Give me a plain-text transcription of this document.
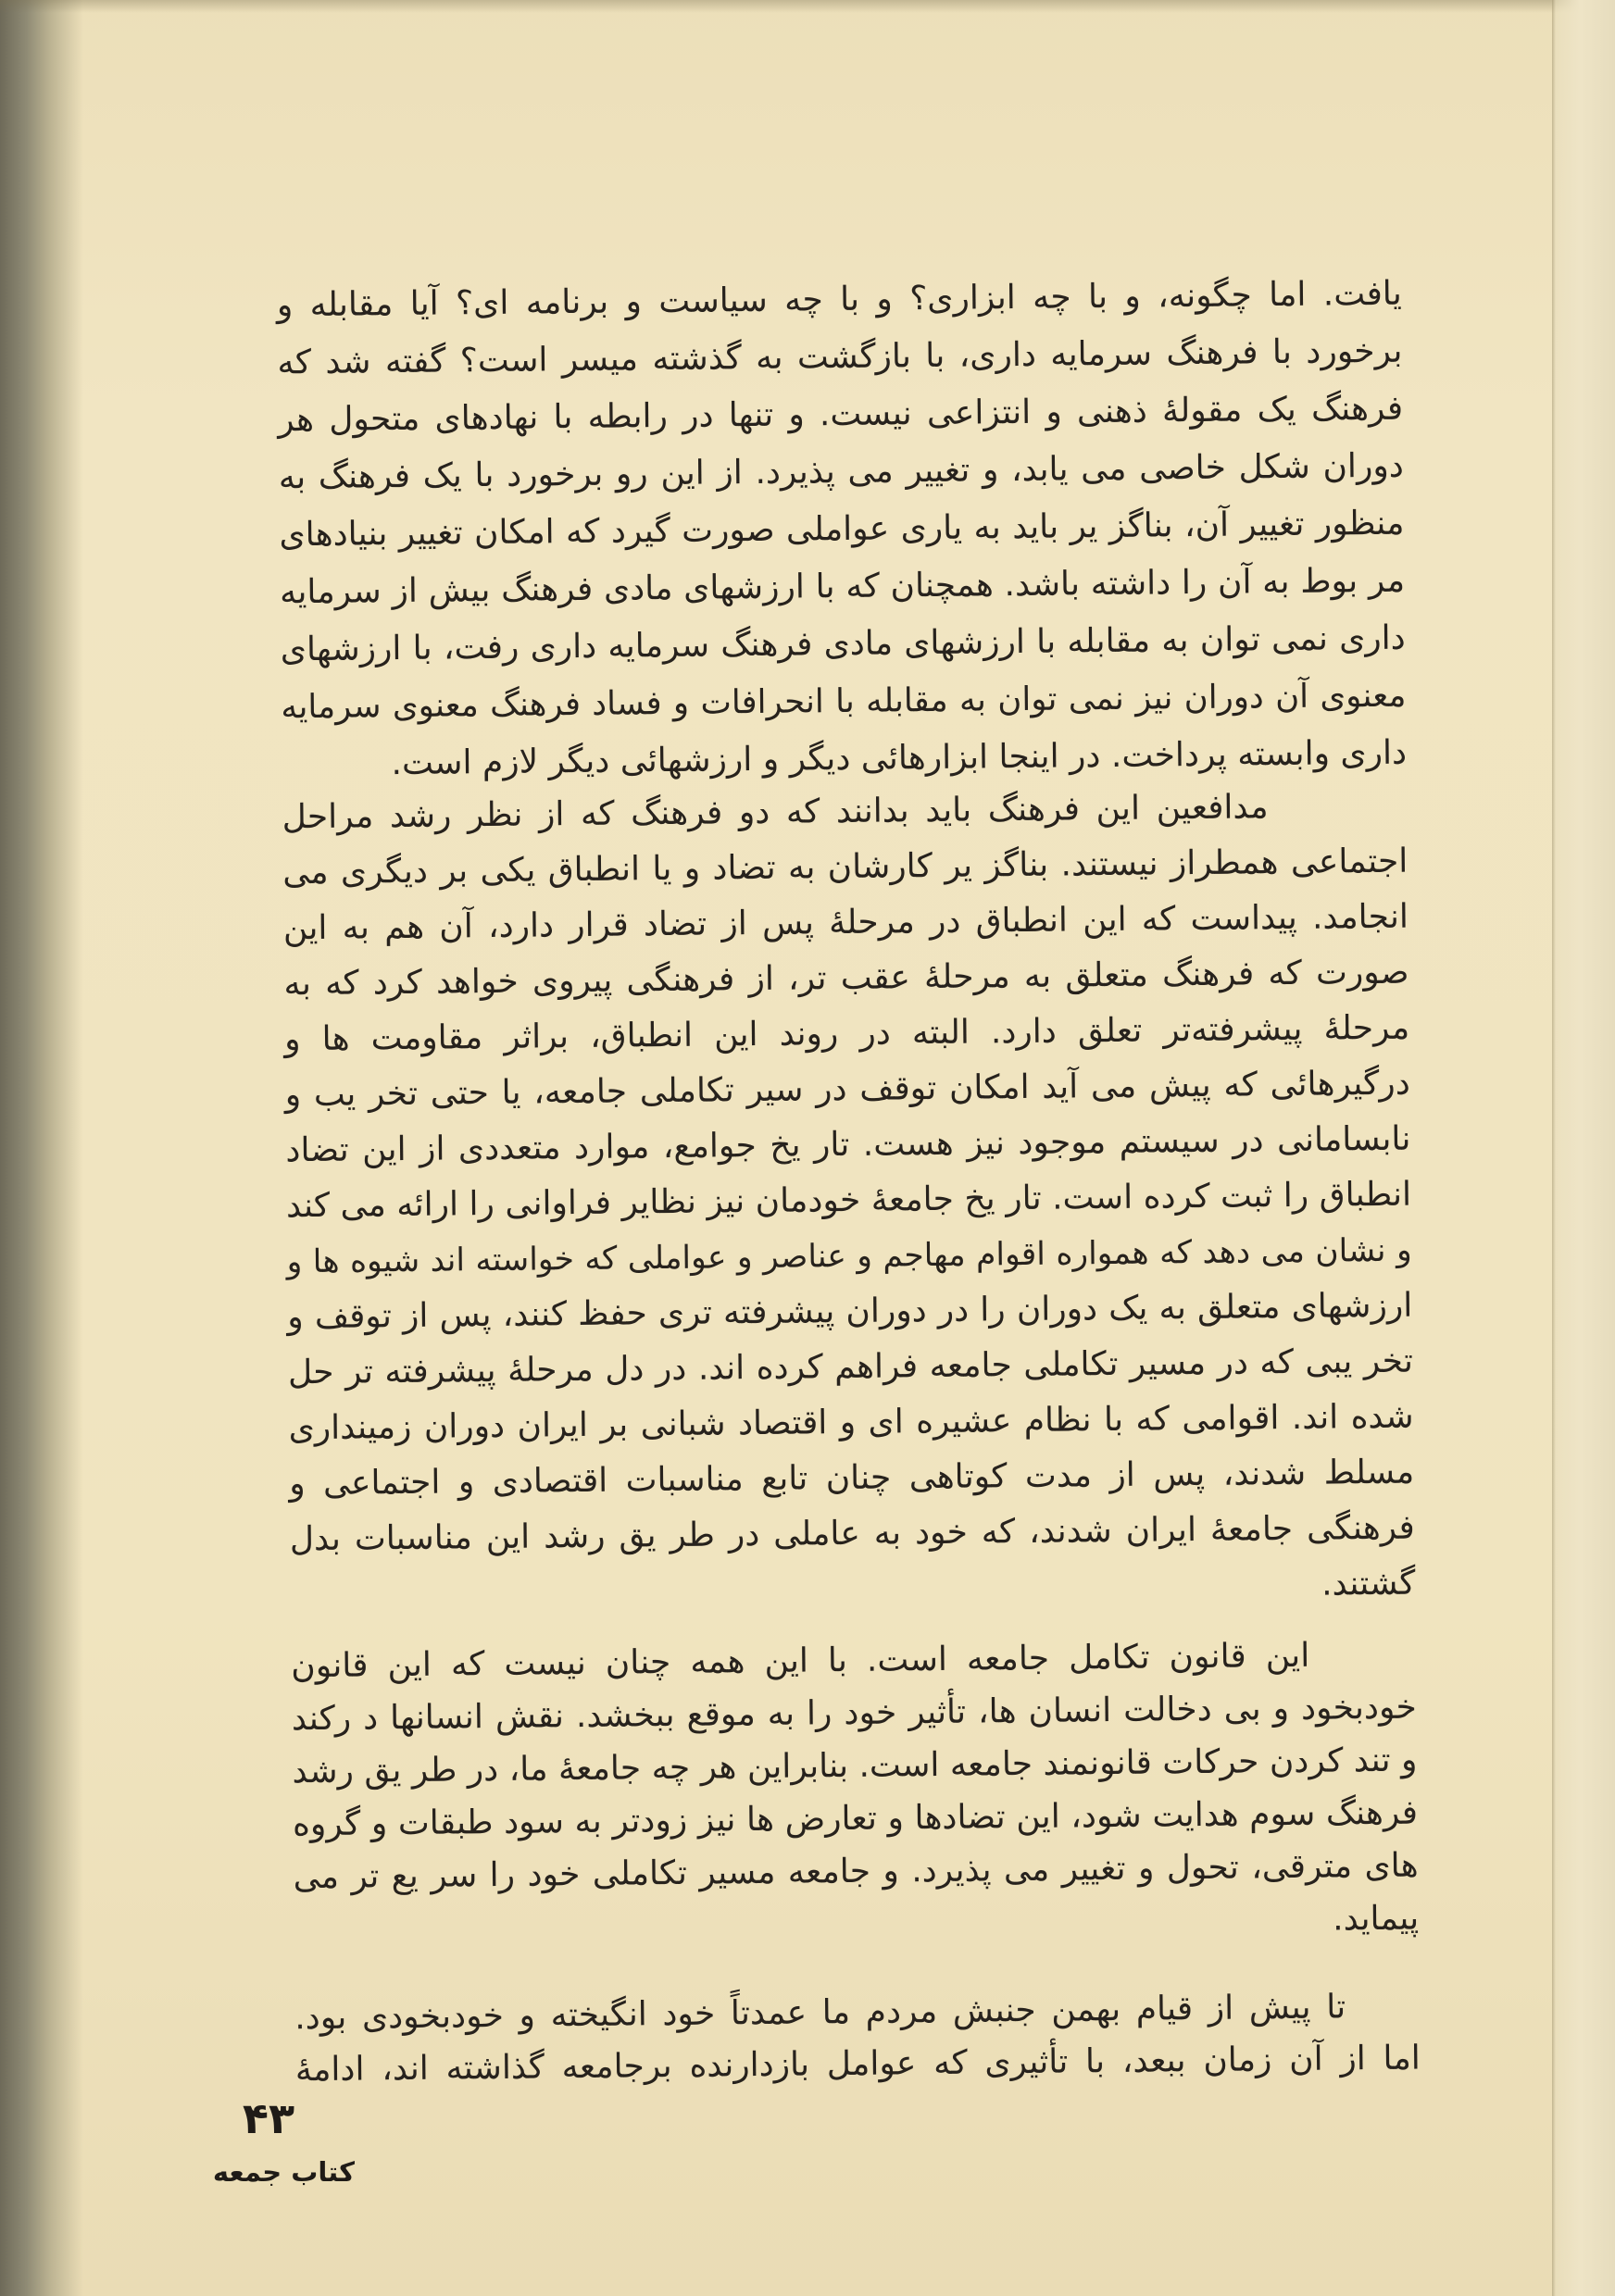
یافت. اما چگونه، و با چه ابزاری؟ و با چه سیاست و برنامه ای؟ آیا مقابله و
برخورد با فرهنگ سرمایه داری، با بازگشت به گذشته میسر است؟ گفته شد که
فرهنگ یک مقولهٔ ذهنی و انتزاعی نیست. و تنها در رابطه با نهادهای متحول هر
دوران شکل خاصی می یابد، و تغییر می پذیرد. از این رو برخورد با یک فرهنگ به
منظور تغییر آن، بناگز یر باید به یاری عواملی صورت گیرد که امکان تغییر بنیادهای
مر بوط به آن را داشته باشد. همچنان که با ارزشهای مادی فرهنگ بیش از سرمایه
داری نمی توان به مقابله با ارزشهای مادی فرهنگ سرمایه داری رفت، با ارزشهای
معنوی آن دوران نیز نمی توان به مقابله با انحرافات و فساد فرهنگ معنوی سرمایه
داری وابسته پرداخت. در اینجا ابزارهائی دیگر و ارزشهائی دیگر لازم است.
مدافعین این فرهنگ باید بدانند که دو فرهنگ که از نظر رشد مراحل
اجتماعی همطراز نیستند. بناگز یر کارشان به تضاد و یا انطباق یکی بر دیگری می
انجامد. پیداست که این انطباق در مرحلهٔ پس از تضاد قرار دارد، آن هم به این
صورت که فرهنگ متعلق به مرحلهٔ عقب تر، از فرهنگی پیروی خواهد کرد که به
مرحلهٔ پیشرفته‌تر تعلق دارد. البته در روند این انطباق، براثر مقاومت ها و
درگیرهائی که پیش می آید امکان توقف در سیر تکاملی جامعه، یا حتی تخر یب و
نابسامانی در سیستم موجود نیز هست. تار یخ جوامع، موارد متعددی از این تضاد
انطباق را ثبت کرده است. تار یخ جامعهٔ خودمان نیز نظایر فراوانی را ارائه می کند
و نشان می دهد که همواره اقوام مهاجم و عناصر و عواملی که خواسته اند شیوه ها و
ارزشهای متعلق به یک دوران را در دوران پیشرفته تری حفظ کنند، پس از توقف و
تخر یبی که در مسیر تکاملی جامعه فراهم کرده اند. در دل مرحلهٔ پیشرفته تر حل
شده اند. اقوامی که با نظام عشیره ای و اقتصاد شبانی بر ایران دوران زمینداری
مسلط شدند، پس از مدت کوتاهی چنان تابع مناسبات اقتصادی و اجتماعی و
فرهنگی جامعهٔ ایران شدند، که خود به عاملی در طر یق رشد این مناسبات بدل
گشتند.
این قانون تکامل جامعه است. با این همه چنان نیست که این قانون
خودبخود و بی دخالت انسان ها، تأثیر خود را به موقع ببخشد. نقش انسانها د رکند
و تند کردن حرکات قانونمند جامعه است. بنابراین هر چه جامعهٔ ما، در طر یق رشد
فرهنگ سوم هدایت شود، این تضادها و تعارض ها نیز زودتر به سود طبقات و گروه
های مترقی، تحول و تغییر می پذیرد. و جامعه مسیر تکاملی خود را سر یع تر می
پیماید.
تا پیش از قیام بهمن جنبش مردم ما عمدتاً خود انگیخته و خودبخودی بود.
اما از آن زمان ببعد، با تأثیری که عوامل بازدارنده برجامعه گذاشته اند، ادامهٔ
۴۳
کتاب جمعه
